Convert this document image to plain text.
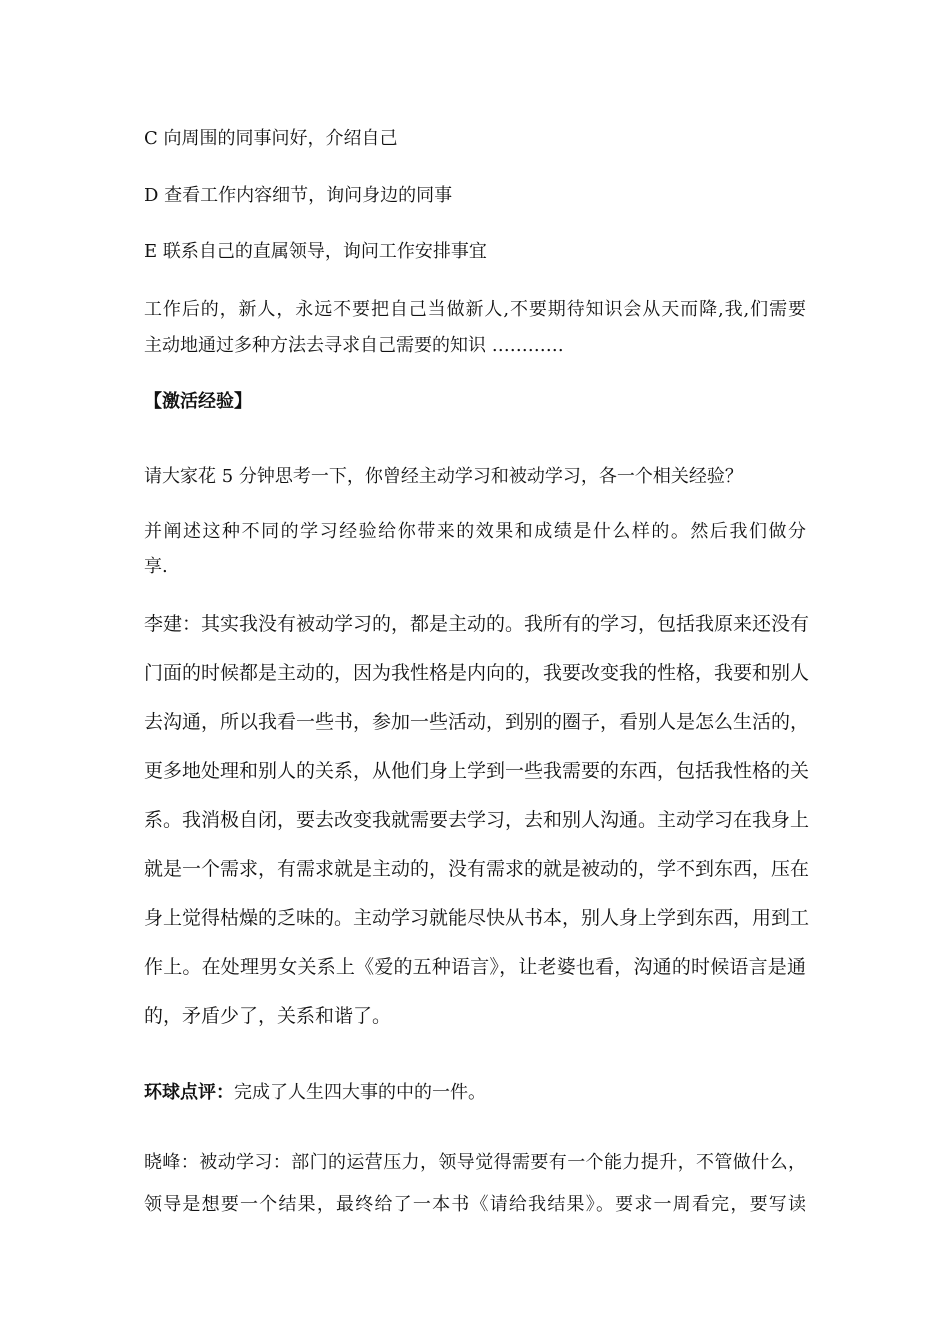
C 向周围的同事问好，介绍自己
D 查看工作内容细节，询问身边的同事
E 联系自己的直属领导，询问工作安排事宜
工作后的，新人，永远不要把自己当做新人,不要期待知识会从天而降,我,们需要
主动地通过多种方法去寻求自己需要的知识 …………
【激活经验】
请大家花 5 分钟思考一下，你曾经主动学习和被动学习，各一个相关经验？
并阐述这种不同的学习经验给你带来的效果和成绩是什么样的。然后我们做分
享.
李建：其实我没有被动学习的，都是主动的。我所有的学习，包括我原来还没有
门面的时候都是主动的，因为我性格是内向的，我要改变我的性格，我要和别人
去沟通，所以我看一些书，参加一些活动，到别的圈子，看别人是怎么生活的，
更多地处理和别人的关系，从他们身上学到一些我需要的东西，包括我性格的关
系。我消极自闭，要去改变我就需要去学习，去和别人沟通。主动学习在我身上
就是一个需求，有需求就是主动的，没有需求的就是被动的，学不到东西，压在
身上觉得枯燥的乏味的。主动学习就能尽快从书本，别人身上学到东西，用到工
作上。在处理男女关系上《爱的五种语言》，让老婆也看，沟通的时候语言是通
的，矛盾少了，关系和谐了。
环球点评：完成了人生四大事的中的一件。
晓峰：被动学习：部门的运营压力，领导觉得需要有一个能力提升，不管做什么，
领导是想要一个结果，最终给了一本书《请给我结果》。要求一周看完，要写读
